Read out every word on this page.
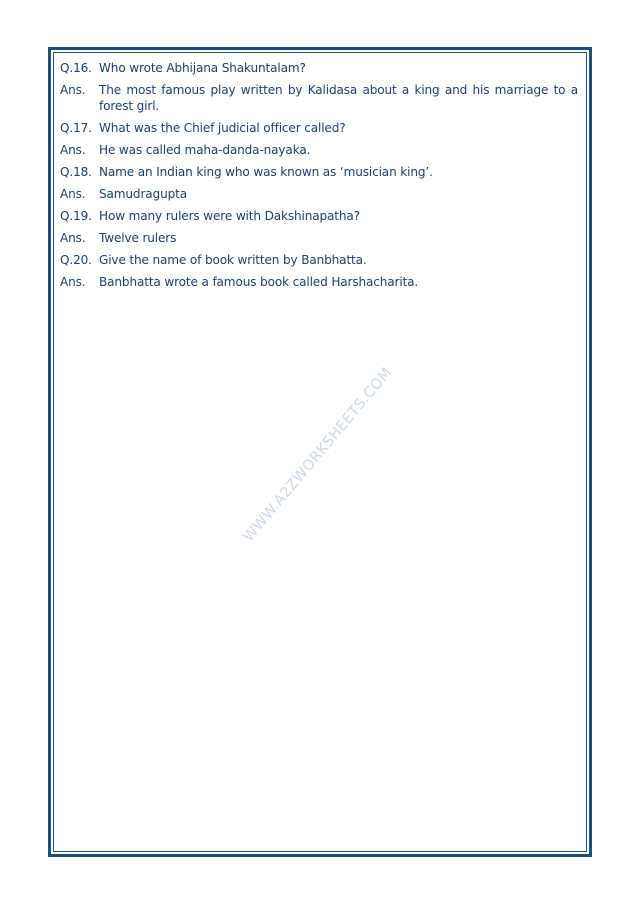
Q.16. Who wrote Abhijana Shakuntalam?
Ans.	The most famous play written by Kalidasa about a king and his marriage to a forest girl.
Q.17. What was the Chief judicial officer called?
Ans.	He was called maha-danda-nayaka.
Q.18. Name an Indian king who was known as ‘musician king’.
Ans.	Samudragupta
Q.19. How many rulers were with Dakshinapatha?
Ans.	Twelve rulers
Q.20. Give the name of book written by Banbhatta.
Ans.	Banbhatta wrote a famous book called Harshacharita.
WWW.A2ZWORKSHEETS.COM
